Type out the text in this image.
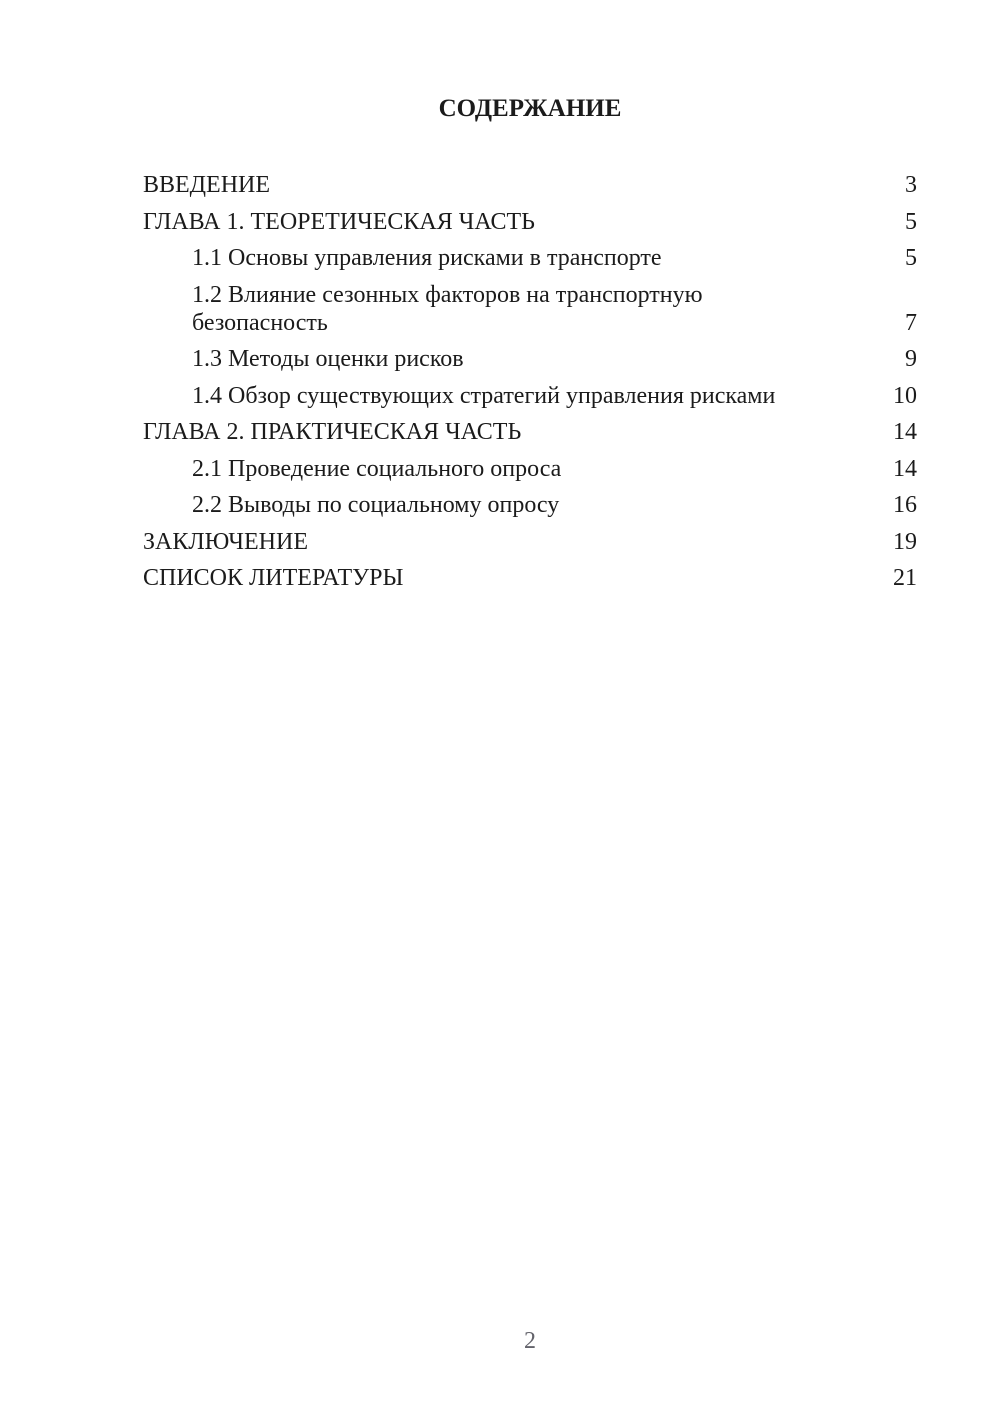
СОДЕРЖАНИЕ
ВВЕДЕНИЕ	3
ГЛАВА 1. ТЕОРЕТИЧЕСКАЯ ЧАСТЬ	5
1.1 Основы управления рисками в транспорте	5
1.2 Влияние сезонных факторов на транспортную
безопасность	7
1.3 Методы оценки рисков	9
1.4 Обзор существующих стратегий управления рисками	10
ГЛАВА 2. ПРАКТИЧЕСКАЯ ЧАСТЬ	14
2.1 Проведение социального опроса	14
2.2 Выводы по социальному опросу	16
ЗАКЛЮЧЕНИЕ	19
СПИСОК ЛИТЕРАТУРЫ	21
2
